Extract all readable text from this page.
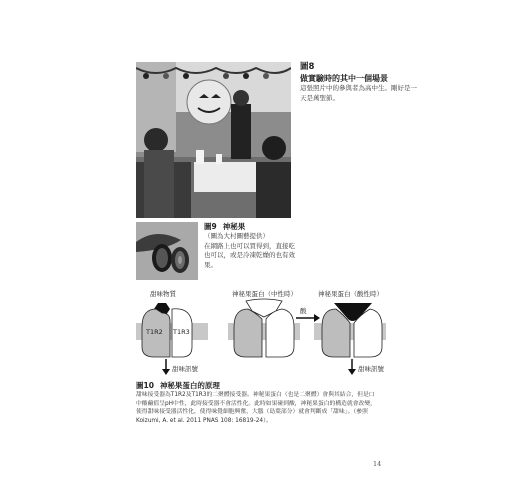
圖8
做實驗時的其中一個場景
這張照片中的參與者為高中生。剛好是一天是萬聖節。
圖9 神秘果
（圖為大村圖藝提供）
在網路上也可以買得到，直接吃
也可以，或是冷凍乾燥的也有效
果。
甜味物質	神秘果蛋白（中性時）	神秘果蛋白（酸性時）
T1R2 T1R3
酸
甜味訊號	甜味訊號
圖10 神秘果蛋白的原理
甜味接受器為T1R2及T1R3的二聚體接受器。神秘果蛋白（也是二聚體）會與其結合，但是口
中酸鹼值呈pH中性，此時接受器不會活性化。此時如果碰到酸，神秘果蛋白的構造就會改變，
使得甜味接受器活性化，使得味覺細胞興奮，大腦（島葉部分）就會判斷成「甜味」。（參照
Koizumi, A. et al. 2011 PNAS 108: 16819-24）。
14
